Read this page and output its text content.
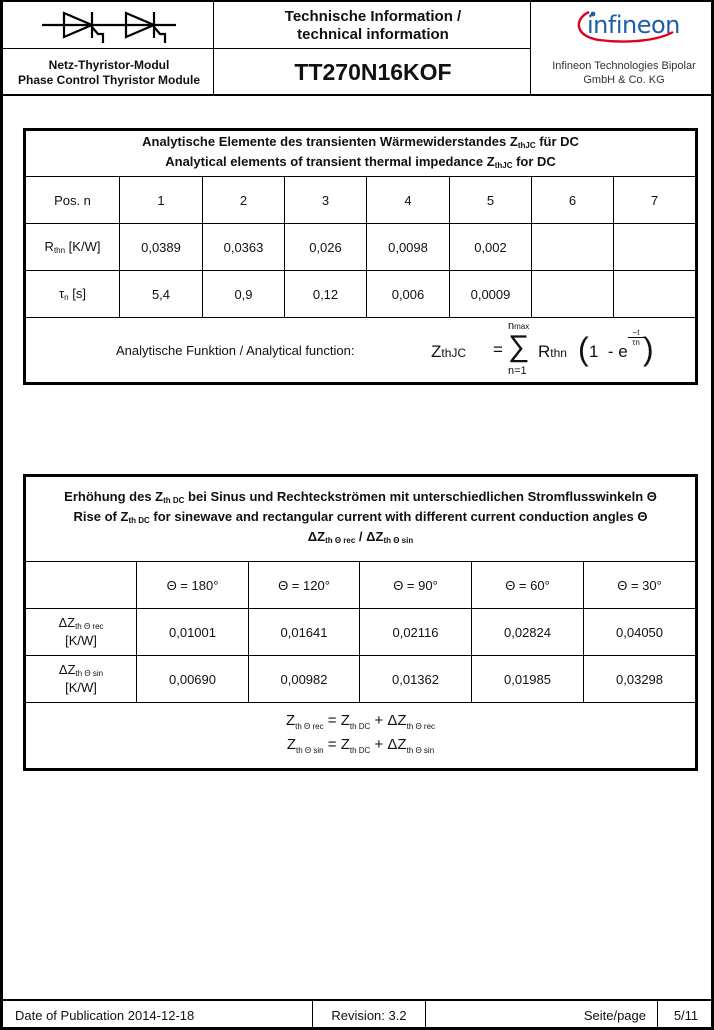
Technische Information /
technical information	infineon
Netz-Thyristor-Modul
Phase Control Thyristor Module	TT270N16KOF	Infineon Technologies Bipolar
GmbH & Co. KG
Analytische Elemente des transienten Wärmewiderstandes $Z_{thJC}$ für DC
Analytical elements of transient thermal impedance $Z_{thJC}$ for DC							

Pos. n	1	2	3	4	5	6	7
$R_{thn}$ [K/W]	0,0389	0,0363	0,026	0,0098	0,002		
$\tau_n$ [s]	5,4	0,9	0,12	0,006	0,0009		

Analytische Funktion / Analytical function:	ZthJC =
nmax
∑
n=1
Rthn ( 1  - e
−t
τn )
Erhöhung des $Z_{th DC}$ bei Sinus und Rechteckströmen mit unterschiedlichen Stromflusswinkeln Θ
Rise of $Z_{th DC}$ for sinewave and rectangular current with different current conduction angles Θ
$\Delta Z_{th \Theta rec} / \Delta Z_{th \Theta sin}$

	Θ = 180°	Θ = 120°	Θ = 90°	Θ = 60°	Θ = 30°

$\Delta Z_{th \Theta rec}$
[K/W]	0,01001	0,01641	0,02116	0,02824	0,04050

$\Delta Z_{th \Theta sin}$
[K/W]	0,00690	0,00982	0,01362	0,01985	0,03298

$Z_{th \Theta rec} = Z_{th DC} + \Delta Z_{th \Theta rec}$
$Z_{th \Theta sin} = Z_{th DC} + \Delta Z_{th \Theta sin}$
Date of Publication 2014-12-18	Revision: 3.2	Seite/page	5/11
